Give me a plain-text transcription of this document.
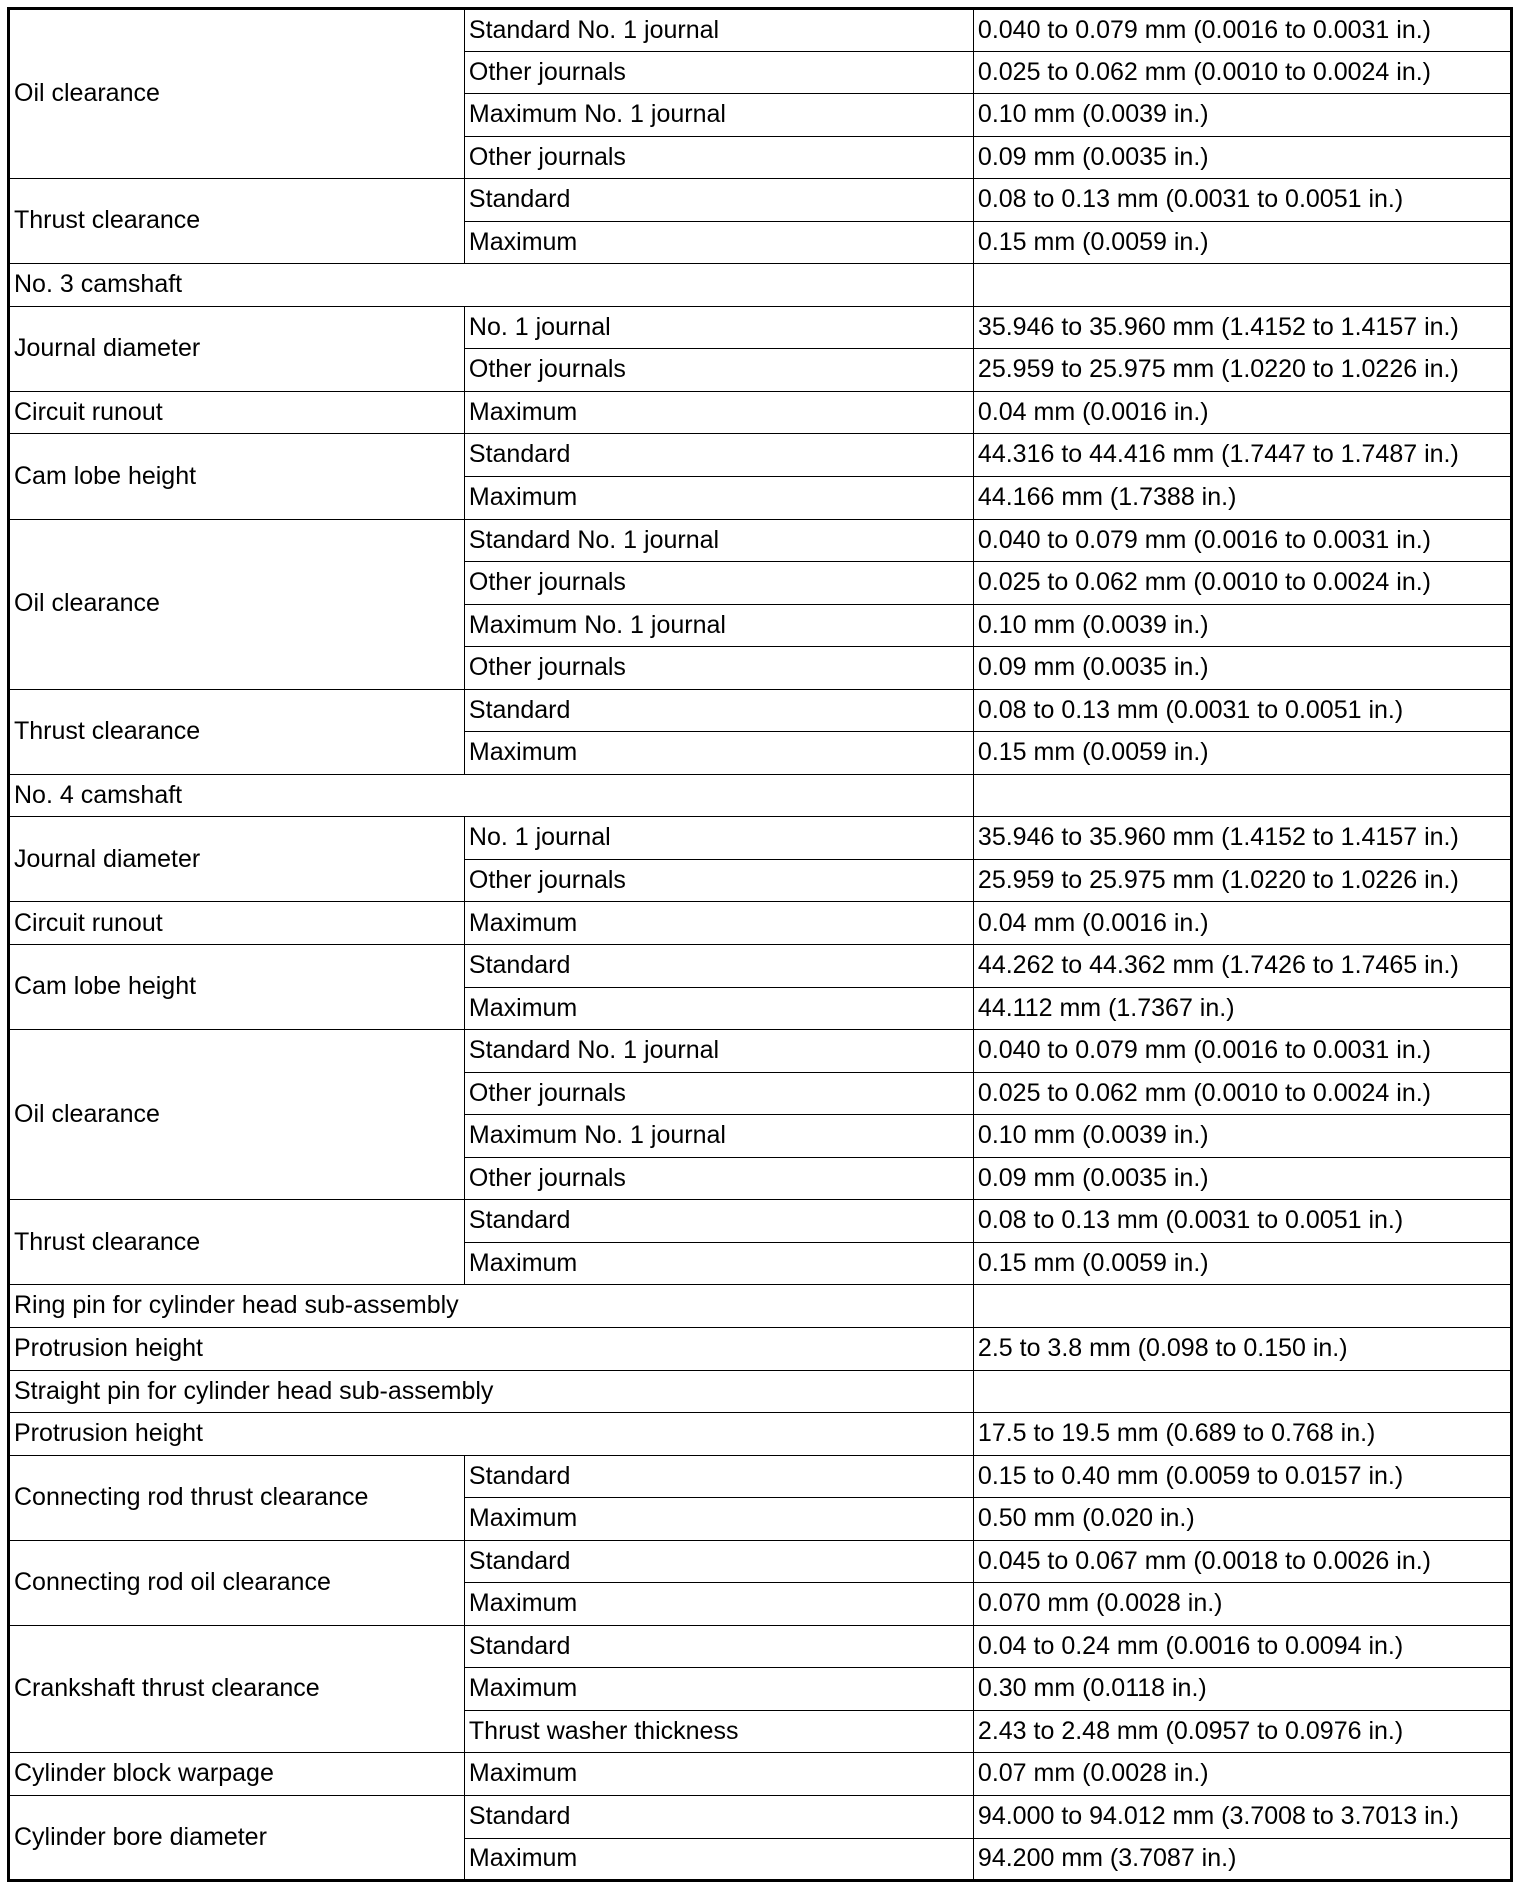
Oil clearance	Standard No. 1 journal	0.040 to 0.079 mm (0.0016 to 0.0031 in.)
	Other journals	0.025 to 0.062 mm (0.0010 to 0.0024 in.)
	Maximum No. 1 journal	0.10 mm (0.0039 in.)
	Other journals	0.09 mm (0.0035 in.)
Thrust clearance	Standard	0.08 to 0.13 mm (0.0031 to 0.0051 in.)
	Maximum	0.15 mm (0.0059 in.)
No. 3 camshaft		
Journal diameter	No. 1 journal	35.946 to 35.960 mm (1.4152 to 1.4157 in.)
	Other journals	25.959 to 25.975 mm (1.0220 to 1.0226 in.)
Circuit runout	Maximum	0.04 mm (0.0016 in.)
Cam lobe height	Standard	44.316 to 44.416 mm (1.7447 to 1.7487 in.)
	Maximum	44.166 mm (1.7388 in.)
Oil clearance	Standard No. 1 journal	0.040 to 0.079 mm (0.0016 to 0.0031 in.)
	Other journals	0.025 to 0.062 mm (0.0010 to 0.0024 in.)
	Maximum No. 1 journal	0.10 mm (0.0039 in.)
	Other journals	0.09 mm (0.0035 in.)
Thrust clearance	Standard	0.08 to 0.13 mm (0.0031 to 0.0051 in.)
	Maximum	0.15 mm (0.0059 in.)
No. 4 camshaft		
Journal diameter	No. 1 journal	35.946 to 35.960 mm (1.4152 to 1.4157 in.)
	Other journals	25.959 to 25.975 mm (1.0220 to 1.0226 in.)
Circuit runout	Maximum	0.04 mm (0.0016 in.)
Cam lobe height	Standard	44.262 to 44.362 mm (1.7426 to 1.7465 in.)
	Maximum	44.112 mm (1.7367 in.)
Oil clearance	Standard No. 1 journal	0.040 to 0.079 mm (0.0016 to 0.0031 in.)
	Other journals	0.025 to 0.062 mm (0.0010 to 0.0024 in.)
	Maximum No. 1 journal	0.10 mm (0.0039 in.)
	Other journals	0.09 mm (0.0035 in.)
Thrust clearance	Standard	0.08 to 0.13 mm (0.0031 to 0.0051 in.)
	Maximum	0.15 mm (0.0059 in.)
Ring pin for cylinder head sub-assembly		
Protrusion height		2.5 to 3.8 mm (0.098 to 0.150 in.)
Straight pin for cylinder head sub-assembly		
Protrusion height		17.5 to 19.5 mm (0.689 to 0.768 in.)
Connecting rod thrust clearance	Standard	0.15 to 0.40 mm (0.0059 to 0.0157 in.)
	Maximum	0.50 mm (0.020 in.)
Connecting rod oil clearance	Standard	0.045 to 0.067 mm (0.0018 to 0.0026 in.)
	Maximum	0.070 mm (0.0028 in.)
Crankshaft thrust clearance	Standard	0.04 to 0.24 mm (0.0016 to 0.0094 in.)
	Maximum	0.30 mm (0.0118 in.)
	Thrust washer thickness	2.43 to 2.48 mm (0.0957 to 0.0976 in.)
Cylinder block warpage	Maximum	0.07 mm (0.0028 in.)
Cylinder bore diameter	Standard	94.000 to 94.012 mm (3.7008 to 3.7013 in.)
	Maximum	94.200 mm (3.7087 in.)
